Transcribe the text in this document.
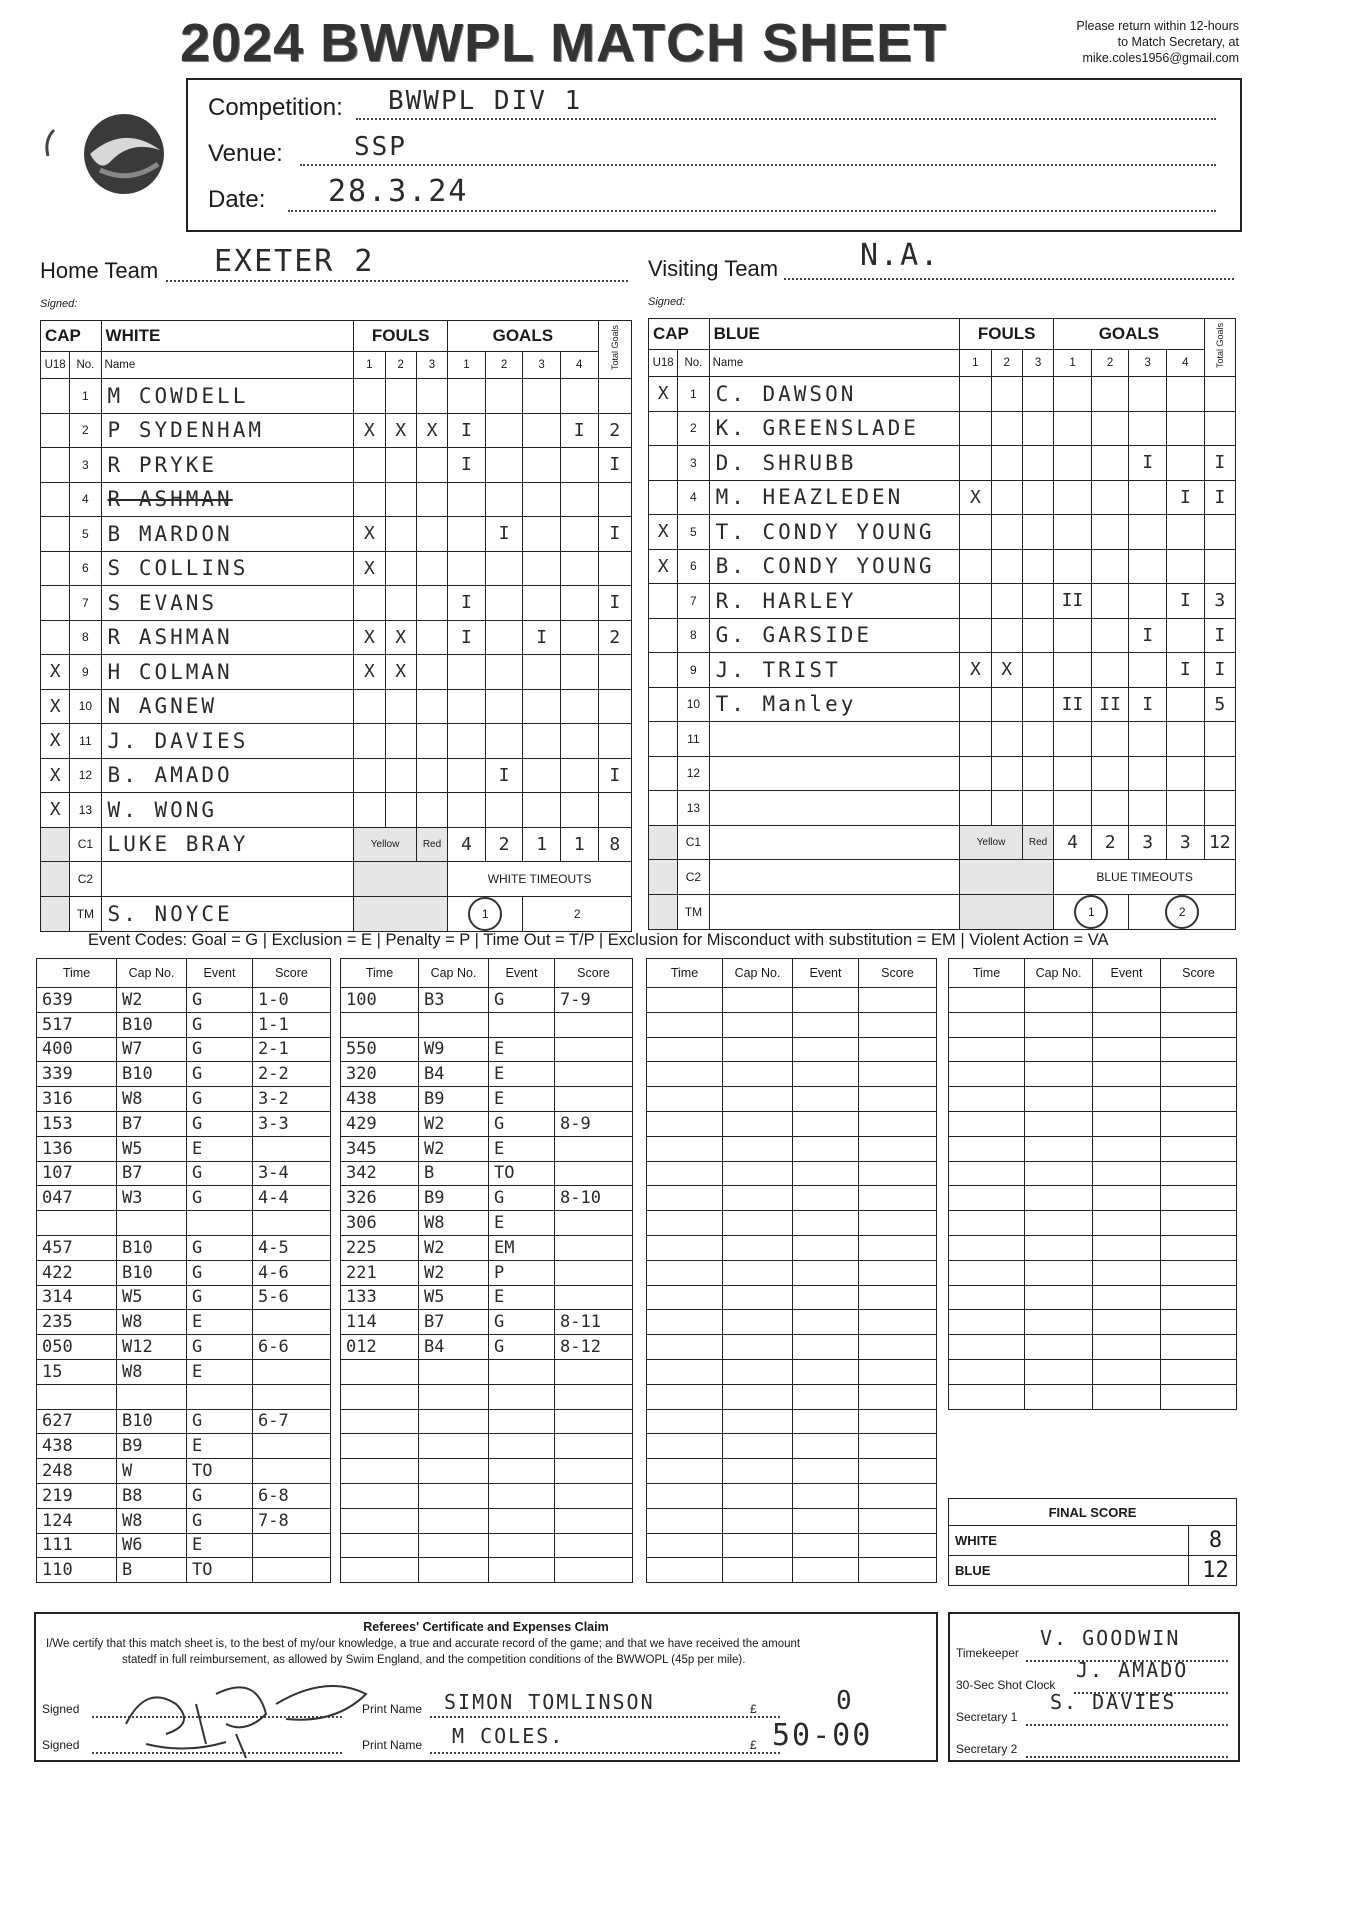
2024 BWWPL MATCH SHEET	Please return within 12-hours
to Match Secretary, at
mike.coles1956@gmail.com
Competition: BWWPL DIV 1
Venue:	SSP
Date: 28.3.24
Home Team EXETER 2
Signed:
Visiting Team	N.A.
Signed:
CAP		WHITE	FOULS			GOALS				Total Goals
U18	No.	Name	1	2	3	1	2	3	4	
	1	M COWDELL								
	2	P SYDENHAM	X	X	X	I			I	2
	3	R PRYKE				I				I
	4	R ASHMAN								
	5	B MARDON	X				I			I
	6	S COLLINS	X							
	7	S EVANS				I				I
	8	R ASHMAN	X	X		I		I		2
X	9	H COLMAN	X	X						
X	10	N AGNEW								
X	11	J. DAVIES								
X	12	B. AMADO					I			I
X	13	W. WONG								
	C1	LUKE BRAY	Yellow		Red	4	2	1	1	8
	C2					WHITE TIMEOUTS				
	TM	S. NOYCE				1		2		
CAP		BLUE	FOULS			GOALS				Total Goals
U18	No.	Name	1	2	3	1	2	3	4	
X	1	C. DAWSON								
	2	K. GREENSLADE								
	3	D. SHRUBB						I		I
	4	M. HEAZLEDEN	X						I	I
X	5	T. CONDY YOUNG								
X	6	B. CONDY YOUNG								
	7	R. HARLEY				II			I	3
	8	G. GARSIDE						I		I
	9	J. TRIST	X	X					I	I
	10	T. Manley				II	II	I		5
	11									
	12									
	13									
	C1		Yellow		Red	4	2	3	3	12
	C2					BLUE TIMEOUTS				
	TM					1		2		
Event Codes: Goal = G | Exclusion = E | Penalty = P | Time Out = T/P | Exclusion for Misconduct with substitution = EM | Violent Action = VA
Time	Cap No.	Event	Score
639	W2	G	1-0
517	B10	G	1-1
400	W7	G	2-1
339	B10	G	2-2
316	W8	G	3-2
153	B7	G	3-3
136	W5	E	
107	B7	G	3-4
047	W3	G	4-4

457	B10	G	4-5
422	B10	G	4-6
314	W5	G	5-6
235	W8	E	
050	W12	G	6-6
15	W8	E	

627	B10	G	6-7
438	B9	E	
248	W	TO	
219	B8	G	6-8
124	W8	G	7-8
111	W6	E	
110	B	TO	
Time	Cap No.	Event	Score
100	B3	G	7-9

550	W9	E	
320	B4	E	
438	B9	E	
429	W2	G	8-9
345	W2	E	
342	B	TO	
326	B9	G	8-10
306	W8	E	
225	W2	EM	
221	W2	P	
133	W5	E	
114	B7	G	8-11
012	B4	G	8-12

Time	Cap No.	Event	Score

				Time	Cap No.	Event	Score

FINAL SCORE	
WHITE	8
BLUE	12
Referees' Certificate and Expenses Claim
I/We certify that this match sheet is, to the best of my/our knowledge, a true and accurate record of the game; and that we have received the amount
statedf in full reimbursement, as allowed by Swim England, and the competition conditions of the BWWOPL (45p per mile).
Signed	Print Name SIMON TOMLINSON	£	0
Signed	Print Name M COLES.	£ 50-00
Timekeeper
V. GOODWIN
30-Sec Shot Clock
J. AMADO
Secretary 1
S. DAVIES
Secretary 2
